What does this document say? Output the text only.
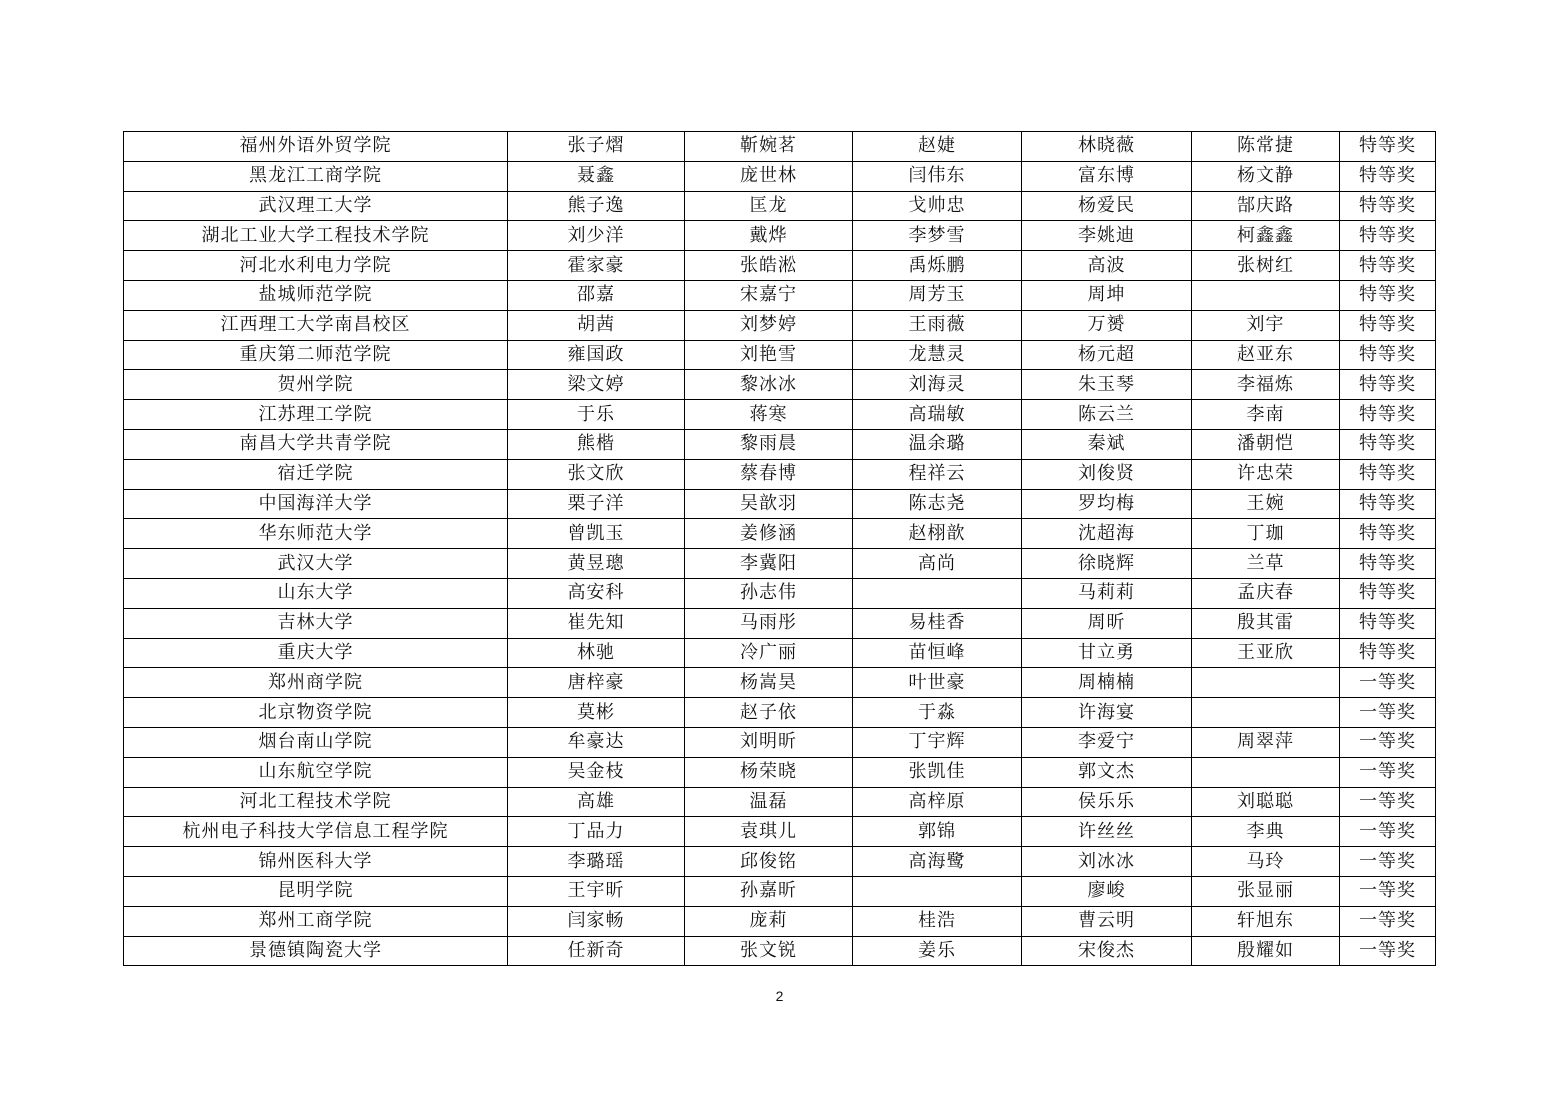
福州外语外贸学院	张子熠	靳婉茗	赵婕	林晓薇	陈常捷	特等奖
黑龙江工商学院	聂鑫	庞世林	闫伟东	富东博	杨文静	特等奖
武汉理工大学	熊子逸	匡龙	戈帅忠	杨爱民	郜庆路	特等奖
湖北工业大学工程技术学院	刘少洋	戴烨	李梦雪	李姚迪	柯鑫鑫	特等奖
河北水利电力学院	霍家豪	张皓淞	禹烁鹏	高波	张树红	特等奖
盐城师范学院	邵嘉	宋嘉宁	周芳玉	周坤		特等奖
江西理工大学南昌校区	胡茜	刘梦婷	王雨薇	万赟	刘宇	特等奖
重庆第二师范学院	雍国政	刘艳雪	龙慧灵	杨元超	赵亚东	特等奖
贺州学院	梁文婷	黎冰冰	刘海灵	朱玉琴	李福炼	特等奖
江苏理工学院	于乐	蒋寒	高瑞敏	陈云兰	李南	特等奖
南昌大学共青学院	熊楷	黎雨晨	温余璐	秦斌	潘朝恺	特等奖
宿迁学院	张文欣	蔡春博	程祥云	刘俊贤	许忠荣	特等奖
中国海洋大学	栗子洋	吴歆羽	陈志尧	罗均梅	王婉	特等奖
华东师范大学	曾凯玉	姜修涵	赵栩歆	沈超海	丁珈	特等奖
武汉大学	黄昱璁	李冀阳	高尚	徐晓辉	兰草	特等奖
山东大学	高安科	孙志伟		马莉莉	孟庆春	特等奖
吉林大学	崔先知	马雨彤	易桂香	周昕	殷其雷	特等奖
重庆大学	林驰	冷广丽	苗恒峰	甘立勇	王亚欣	特等奖
郑州商学院	唐梓豪	杨嵩昊	叶世豪	周楠楠		一等奖
北京物资学院	莫彬	赵子依	于淼	许海宴		一等奖
烟台南山学院	牟豪达	刘明昕	丁宇辉	李爱宁	周翠萍	一等奖
山东航空学院	吴金枝	杨荣晓	张凯佳	郭文杰		一等奖
河北工程技术学院	高雄	温磊	高梓原	侯乐乐	刘聪聪	一等奖
杭州电子科技大学信息工程学院	丁品力	袁琪儿	郭锦	许丝丝	李典	一等奖
锦州医科大学	李璐瑶	邱俊铭	高海鹭	刘冰冰	马玲	一等奖
昆明学院	王宇昕	孙嘉昕		廖峻	张显丽	一等奖
郑州工商学院	闫家畅	庞莉	桂浩	曹云明	轩旭东	一等奖
景德镇陶瓷大学	任新奇	张文锐	姜乐	宋俊杰	殷耀如	一等奖
2
